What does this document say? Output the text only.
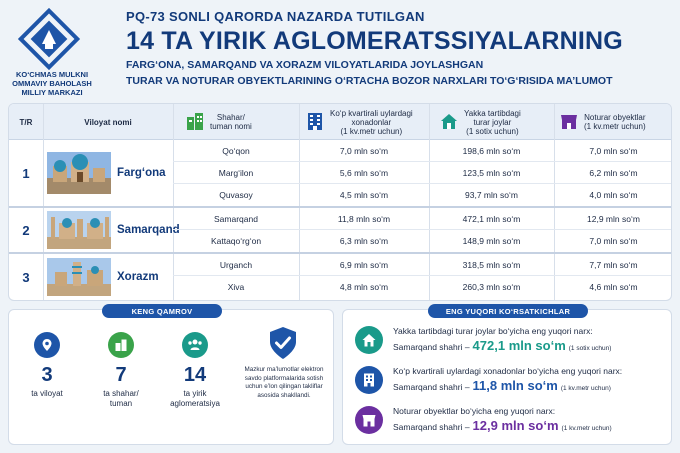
KO‘CHMAS MULKNI
OMMAVIY BAHOLASH
MILLIY MARKAZI
PQ-73 SONLI QARORDA NAZARDA TUTILGAN
14 TA YIRIK AGLOMERATSSIYALARNING
FARG‘ONA, SAMARQAND VA XORAZM VILOYATLARIDA JOYLASHGAN
TURAR VA NOTURAR OBYEKTLARINING O‘RTACHA BOZOR NARXLARI TO‘G‘RISIDA MA’LUMOT
T/R	Viloyat nomi	Shahar/
tuman nomi
Ko‘p kvartirali uylardagi
xonadonlar
(1 kv.metr uchun)
Yakka tartibdagi
turar joylar
(1 sotix uchun)
Noturar obyektlar
(1 kv.metr uchun)
1	Farg‘ona
Qo‘qon	7,0 mln so‘m	198,6 mln so‘m	7,0 mln so‘m
Marg‘ilon	5,6 mln so‘m	123,5 mln so‘m	6,2 mln so‘m
Quvasoy	4,5 mln so‘m	93,7 mln so‘m	4,0 mln so‘m
2	Samarqand
Samarqand	11,8 mln so‘m	472,1 mln so‘m	12,9 mln so‘m
Kattaqo‘rg‘on	6,3 mln so‘m	148,9 mln so‘m	7,0 mln so‘m
3	Xorazm
Urganch	6,9 mln so‘m	318,5 mln so‘m	7,7 mln so‘m
Xiva	4,8 mln so‘m	260,3 mln so‘m	4,6 mln so‘m
KENG QAMROV
3
ta viloyat
7
ta shahar/
tuman
14
ta yirik
aglomeratsiya
Mazkur ma’lumotlar elektron savdo platformalarida sotish uchun e’lon qilingan takliflar asosida shakllandi.
ENG YUQORI KO‘RSATKICHLAR
Yakka tartibdagi turar joylar bo‘yicha eng yuqori narx:
Samarqand shahri – 472,1 mln so‘m (1 sotix uchun)
Ko‘p kvartirali uylardagi xonadonlar bo‘yicha eng yuqori narx:
Samarqand shahri – 11,8 mln so‘m (1 kv.metr uchun)
Noturar obyektlar bo‘yicha eng yuqori narx:
Samarqand shahri – 12,9 mln so‘m (1 kv.metr uchun)
